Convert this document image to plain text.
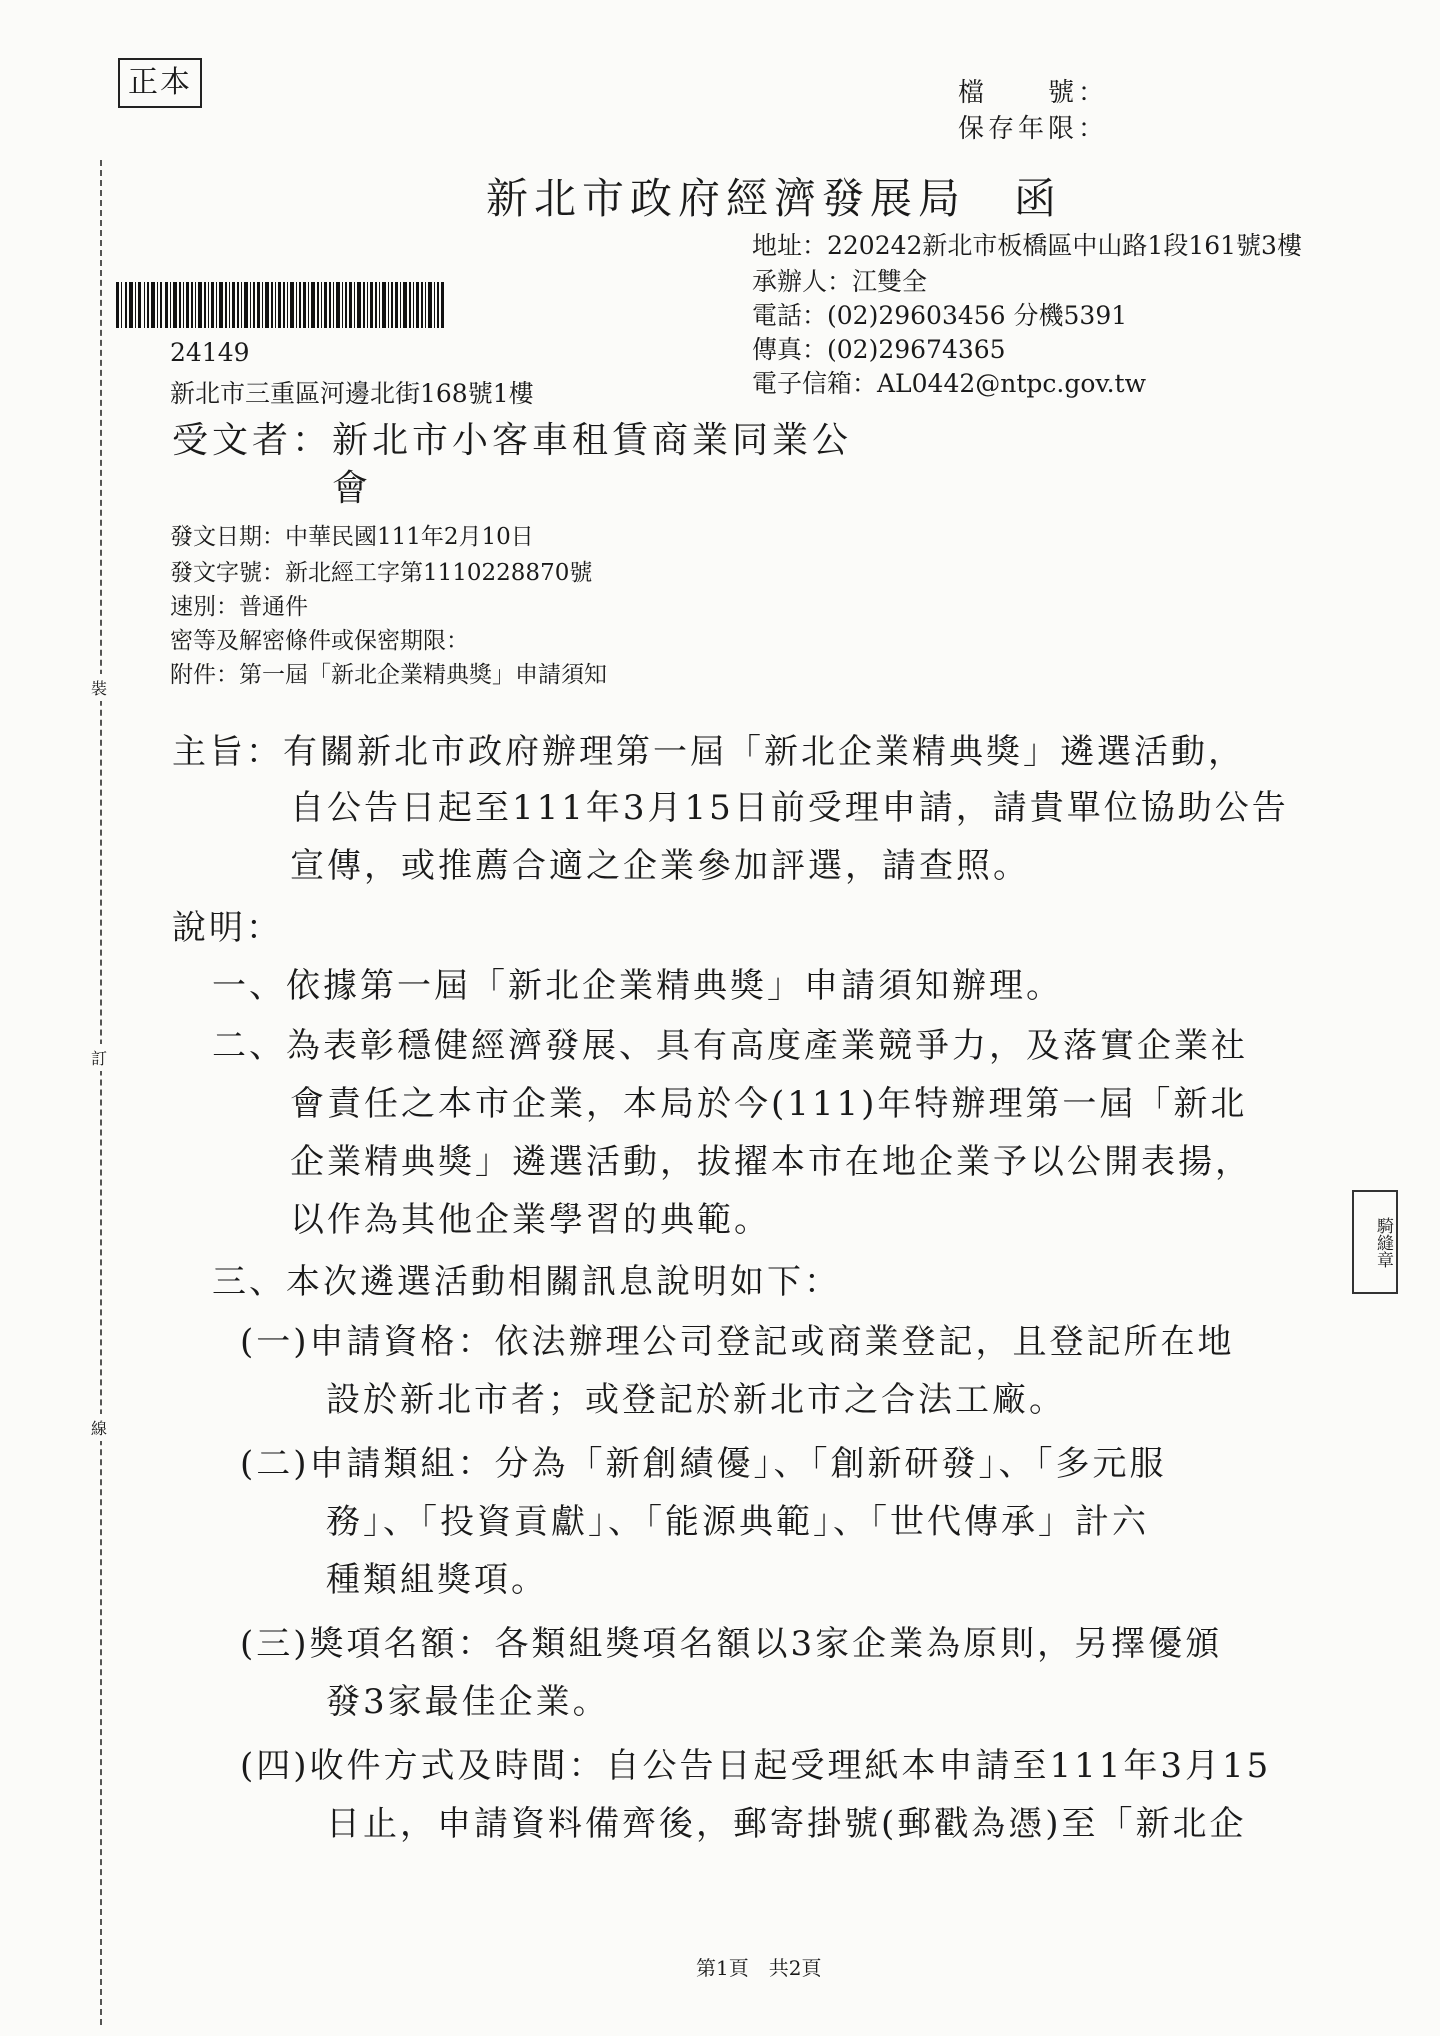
正本	檔　　號：
保存年限：
新北市政府經濟發展局　函
地址：220242新北市板橋區中山路1段161號3樓
承辦人：江雙全
電話：(02)29603456 分機5391
傳真：(02)29674365
電子信箱：AL0442@ntpc.gov.tw
24149
新北市三重區河邊北街168號1樓
受文者：新北市小客車租賃商業同業公
會
發文日期：中華民國111年2月10日
發文字號：新北經工字第1110228870號
速別：普通件
密等及解密條件或保密期限：
附件：第一屆「新北企業精典獎」申請須知
主旨：有關新北市政府辦理第一屆「新北企業精典獎」遴選活動，
自公告日起至111年3月15日前受理申請，請貴單位協助公告
宣傳，或推薦合適之企業參加評選，請查照。
說明：
一、依據第一屆「新北企業精典獎」申請須知辦理。
二、為表彰穩健經濟發展、具有高度產業競爭力，及落實企業社
會責任之本市企業，本局於今(111)年特辦理第一屆「新北
企業精典獎」遴選活動，拔擢本市在地企業予以公開表揚，
以作為其他企業學習的典範。
三、本次遴選活動相關訊息說明如下：
(一)申請資格：依法辦理公司登記或商業登記，且登記所在地
設於新北市者；或登記於新北市之合法工廠。
(二)申請類組：分為「新創績優」、「創新研發」、「多元服
務」、「投資貢獻」、「能源典範」、「世代傳承」計六
種類組獎項。
(三)獎項名額：各類組獎項名額以3家企業為原則，另擇優頒
發3家最佳企業。
(四)收件方式及時間：自公告日起受理紙本申請至111年3月15
日止，申請資料備齊後，郵寄掛號(郵戳為憑)至「新北企
裝
訂
線
騎縫章
第1頁　共2頁
